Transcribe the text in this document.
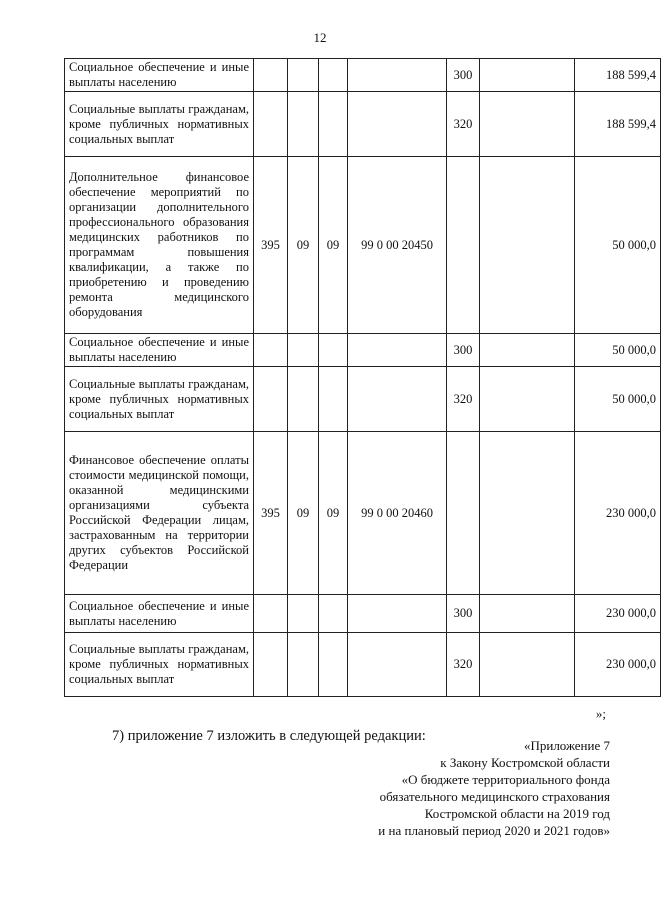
12
Социальное обеспечение и иные выплаты населению					300		188 599,4
Социальные выплаты гражданам, кроме публичных нормативных социальных выплат					320		188 599,4
Дополнительное финансовое обеспечение мероприятий по организации дополнительного профессионального образования медицинских работников по программам повышения квалификации, а также по приобретению и проведению ремонта медицинского оборудования	395	09	09	99 0 00 20450			50 000,0
Социальное обеспечение и иные выплаты населению					300		50 000,0
Социальные выплаты гражданам, кроме публичных нормативных социальных выплат					320		50 000,0
Финансовое обеспечение оплаты стоимости медицинской помощи, оказанной медицинскими организациями субъекта Российской Федерации лицам, застрахованным на территории других субъектов Российской Федерации	395	09	09	99 0 00 20460			230 000,0
Социальное обеспечение и иные выплаты населению					300		230 000,0
Социальные выплаты гражданам, кроме публичных нормативных социальных выплат					320		230 000,0
»;
7) приложение 7 изложить в следующей редакции:
«Приложение 7
к Закону Костромской области
«О бюджете территориального фонда
обязательного медицинского страхования
Костромской области на 2019 год
и на плановый период 2020 и 2021 годов»
